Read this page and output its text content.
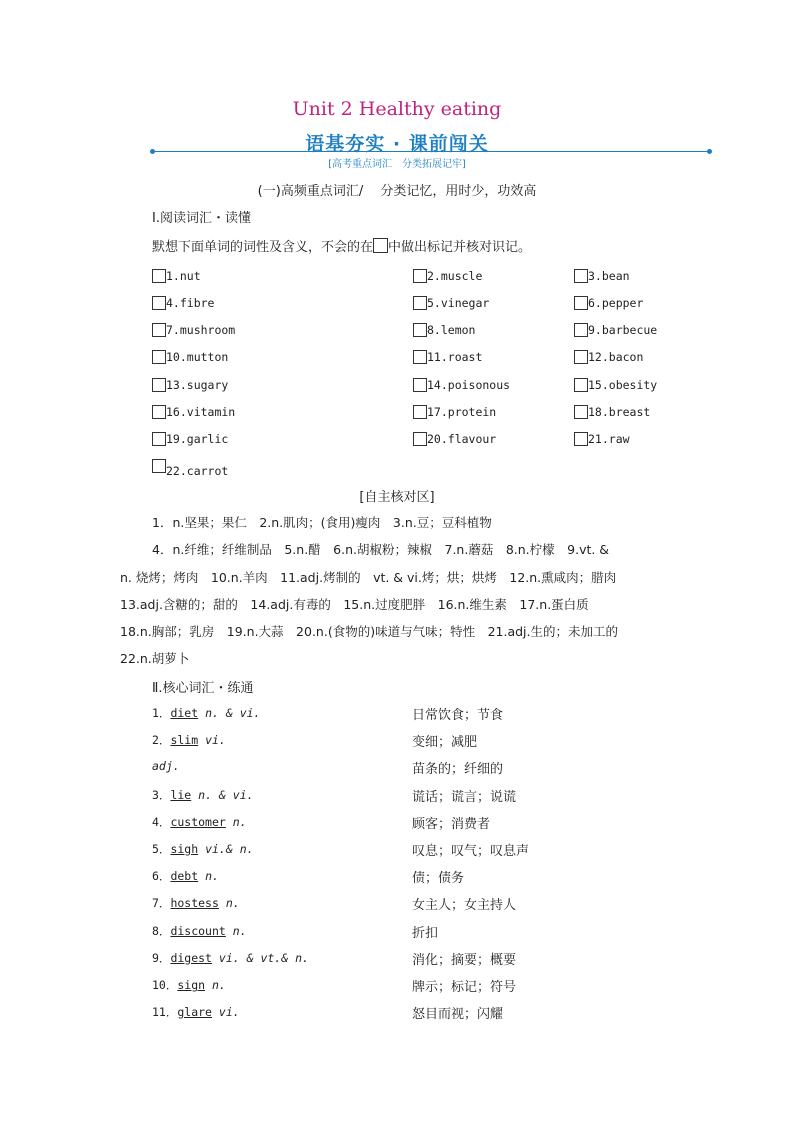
Unit 2 Healthy eating
语基夯实 · 课前闯关
[高考重点词汇　分类拓展记牢]
(一)高频重点词汇/　 分类记忆，用时少，功效高
Ⅰ.阅读词汇・读懂
默想下面单词的词性及含义，不会的在 中做出标记并核对识记。
1.nut	2.muscle	3.bean
4.fibre	5.vinegar	6.pepper
7.mushroom	8.lemon	9.barbecue
10.mutton	11.roast	12.bacon
13.sugary	14.poisonous	15.obesity
16.vitamin	17.protein	18.breast
19.garlic	20.flavour	21.raw
22.carrot
[自主核对区]
1．n.坚果；果仁　2.n.肌肉；(食用)瘦肉　3.n.豆；豆科植物
4．n.纤维；纤维制品　5.n.醋　6.n.胡椒粉；辣椒　7.n.蘑菇　8.n.柠檬　9.vt. &
n. 烧烤；烤肉　10.n.羊肉　11.adj.烤制的　vt. & vi.烤；烘；烘烤　12.n.熏咸肉；腊肉
13.adj.含糖的；甜的　14.adj.有毒的　15.n.过度肥胖　16.n.维生素　17.n.蛋白质
18.n.胸部；乳房　19.n.大蒜　20.n.(食物的)味道与气味；特性　21.adj.生的；未加工的
22.n.胡萝卜
Ⅱ.核心词汇・练通
1．diet n. & vi.	日常饮食；节食
2．slim vi.	变细；减肥
adj.	苗条的；纤细的
3．lie n. & vi.	谎话；谎言；说谎
4．customer n.	顾客；消费者
5．sigh vi.& n.	叹息；叹气；叹息声
6．debt n.	债；债务
7．hostess n.	女主人；女主持人
8．discount n.	折扣
9．digest vi. & vt.& n.	消化；摘要；概要
10．sign n.	牌示；标记；符号
11．glare vi.	怒目而视；闪耀
